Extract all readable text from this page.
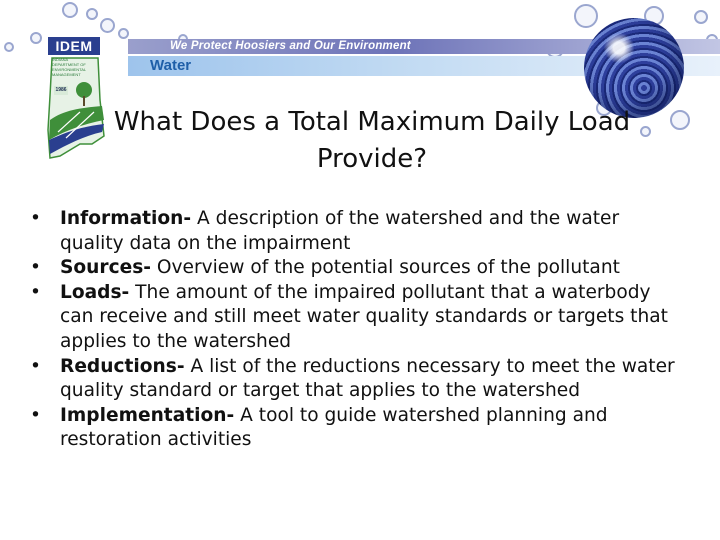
We Protect Hoosiers and Our Environment
Water
IDEM
INDIANA DEPARTMENT OF ENVIRONMENTAL MANAGEMENT
1986
What Does a Total Maximum Daily Load
Provide?
• Information- A description of the watershed and the water quality data on the impairment
• Sources- Overview of the potential sources of the pollutant
• Loads- The amount of the impaired pollutant that a waterbody can receive and still meet water quality standards or targets that applies to the watershed
• Reductions- A list of the reductions necessary to meet the water quality standard or target that applies to the watershed
• Implementation- A tool to guide watershed planning and restoration activities
